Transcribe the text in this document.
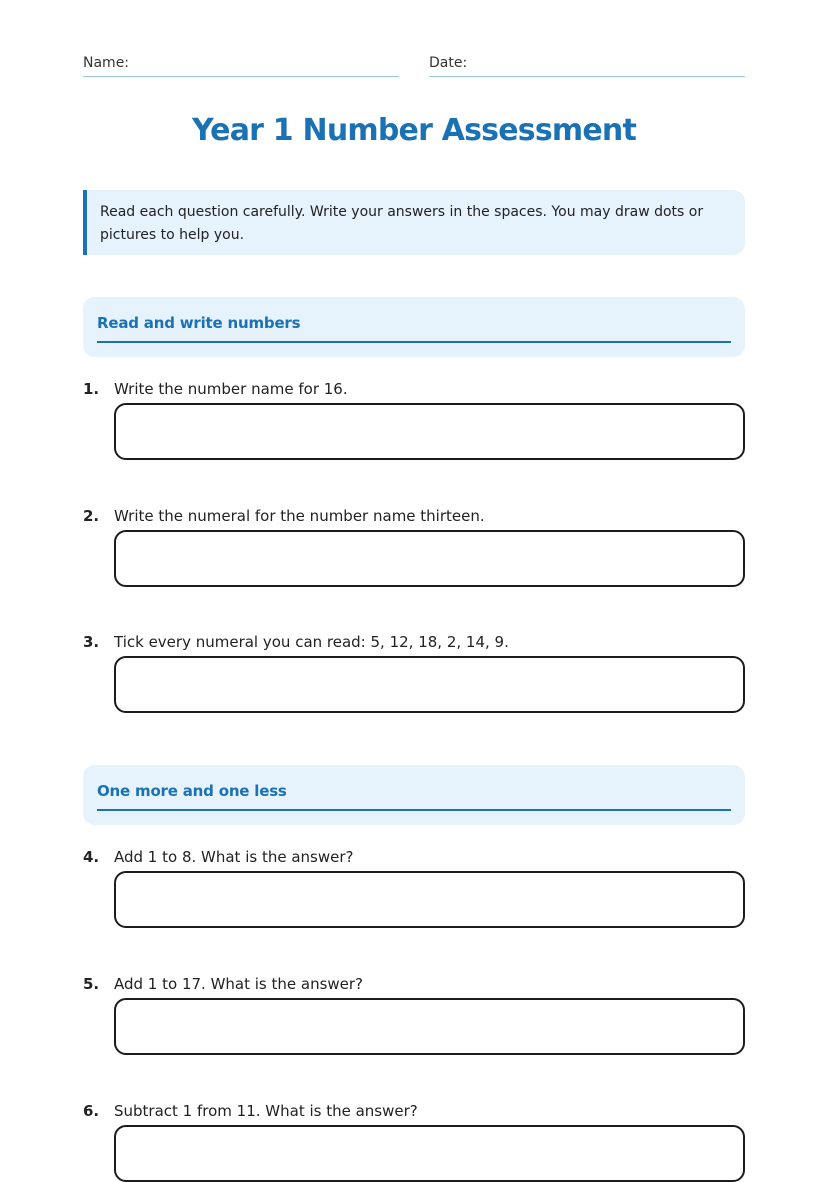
Name:	Date:
Year 1 Number Assessment
Read each question carefully. Write your answers in the spaces. You may draw dots or pictures to help you.
Read and write numbers
1. Write the number name for 16.
2. Write the numeral for the number name thirteen.
3. Tick every numeral you can read: 5, 12, 18, 2, 14, 9.
One more and one less
4. Add 1 to 8. What is the answer?
5. Add 1 to 17. What is the answer?
6. Subtract 1 from 11. What is the answer?
